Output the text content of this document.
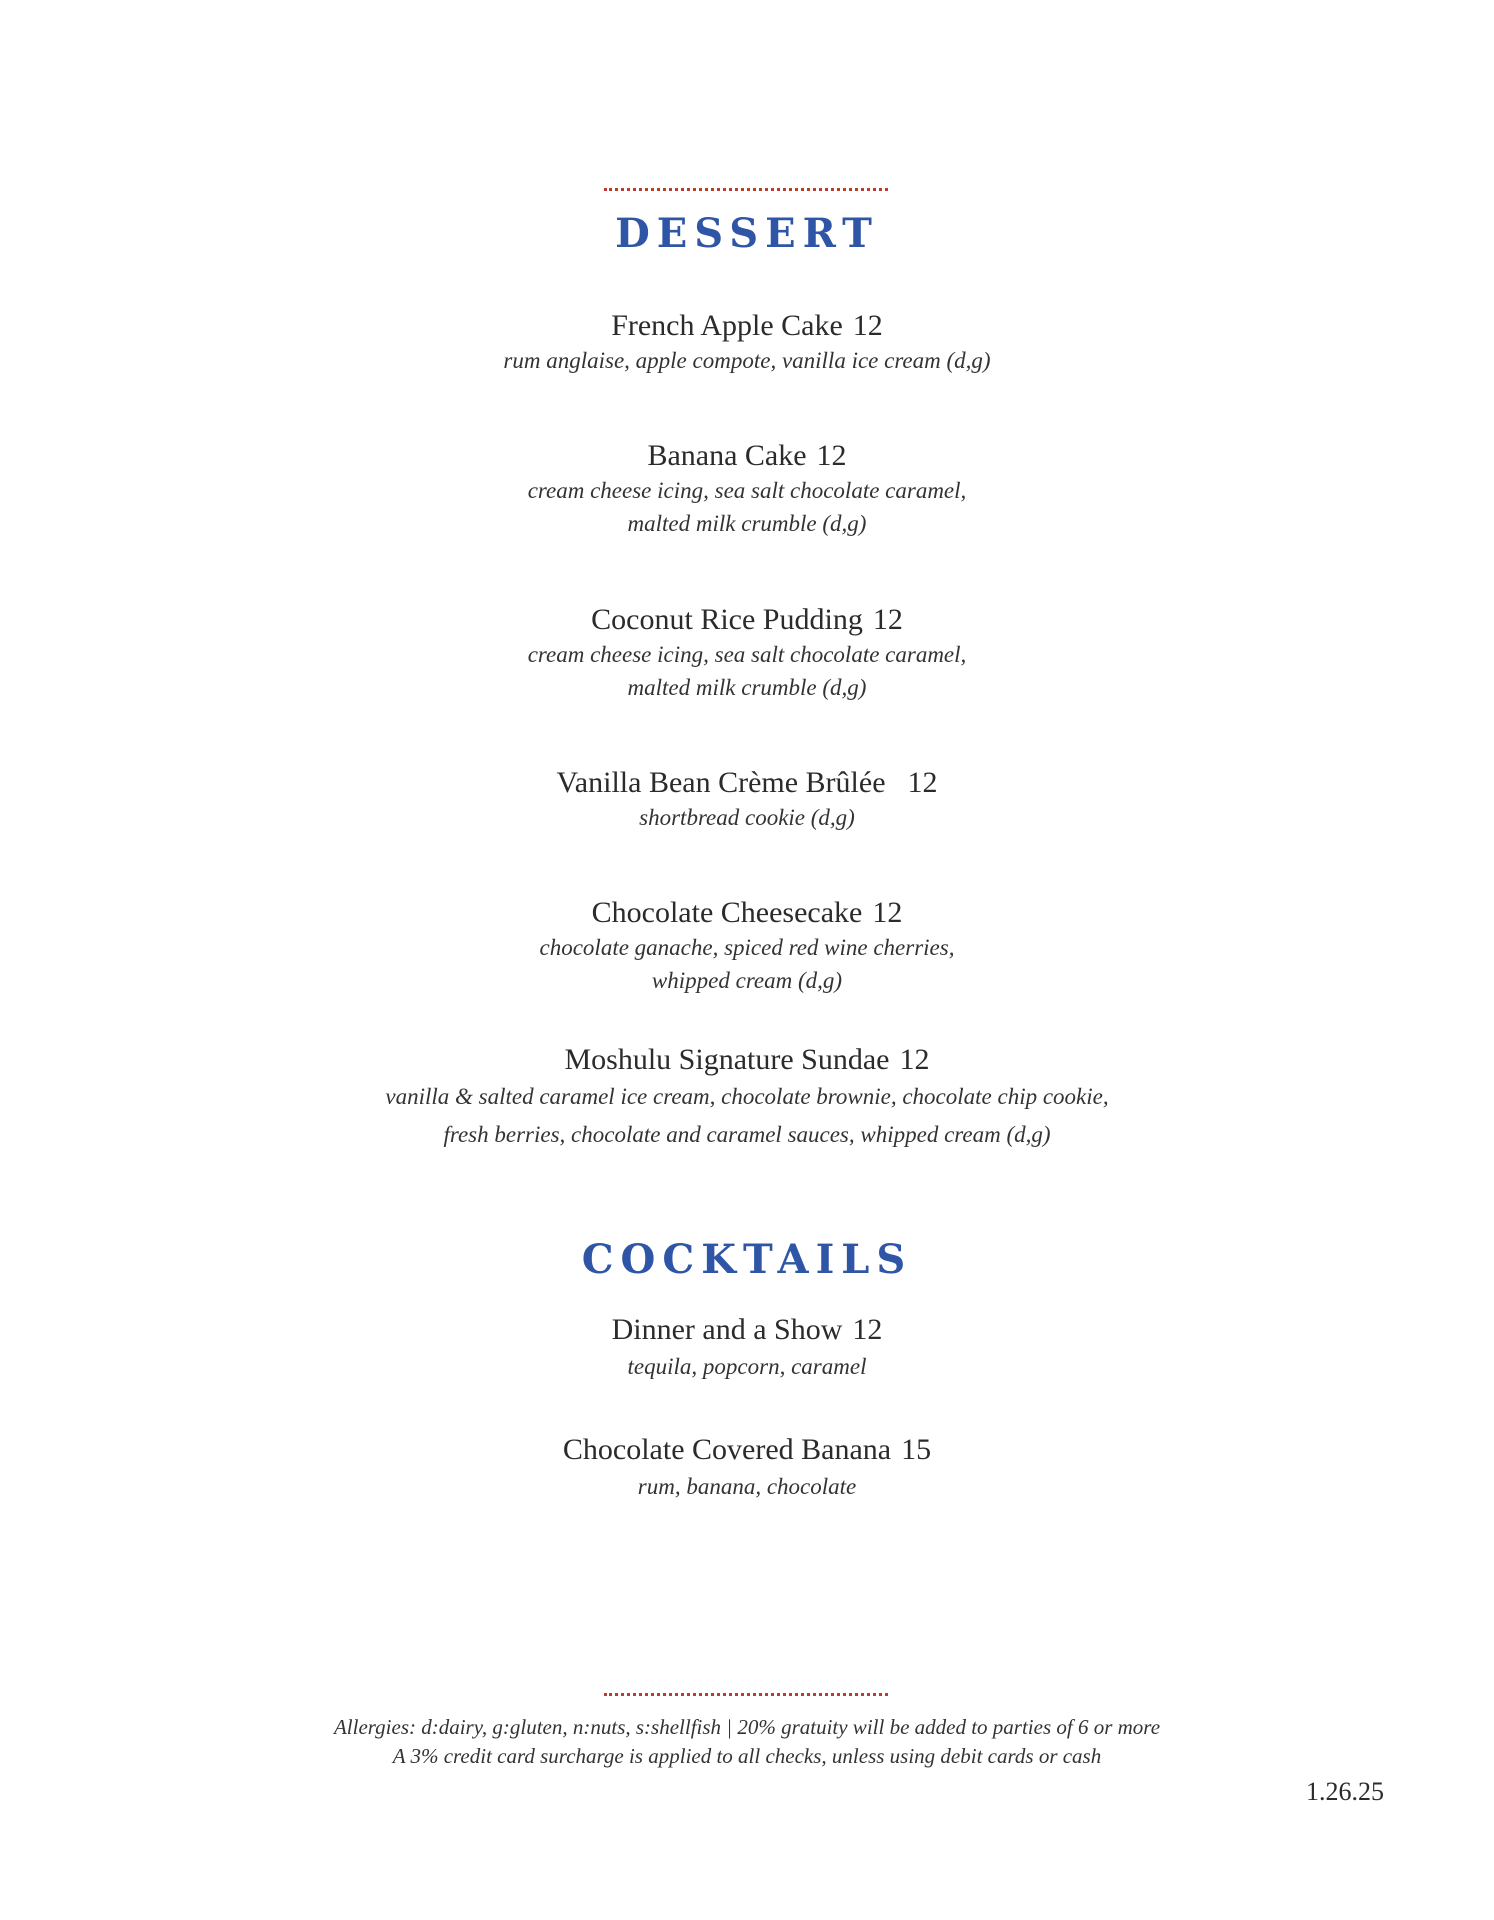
DESSERT
French Apple Cake 12
rum anglaise, apple compote, vanilla ice cream (d,g)
Banana Cake 12
cream cheese icing, sea salt chocolate caramel,
malted milk crumble (d,g)
Coconut Rice Pudding 12
cream cheese icing, sea salt chocolate caramel,
malted milk crumble (d,g)
Vanilla Bean Crème Brûlée 12
shortbread cookie (d,g)
Chocolate Cheesecake 12
chocolate ganache, spiced red wine cherries,
whipped cream (d,g)
Moshulu Signature Sundae 12
vanilla & salted caramel ice cream, chocolate brownie, chocolate chip cookie,
fresh berries, chocolate and caramel sauces, whipped cream (d,g)
COCKTAILS
Dinner and a Show 12
tequila, popcorn, caramel
Chocolate Covered Banana 15
rum, banana, chocolate
Allergies: d:dairy, g:gluten, n:nuts, s:shellfish | 20% gratuity will be added to parties of 6 or more
A 3% credit card surcharge is applied to all checks, unless using debit cards or cash
1.26.25
